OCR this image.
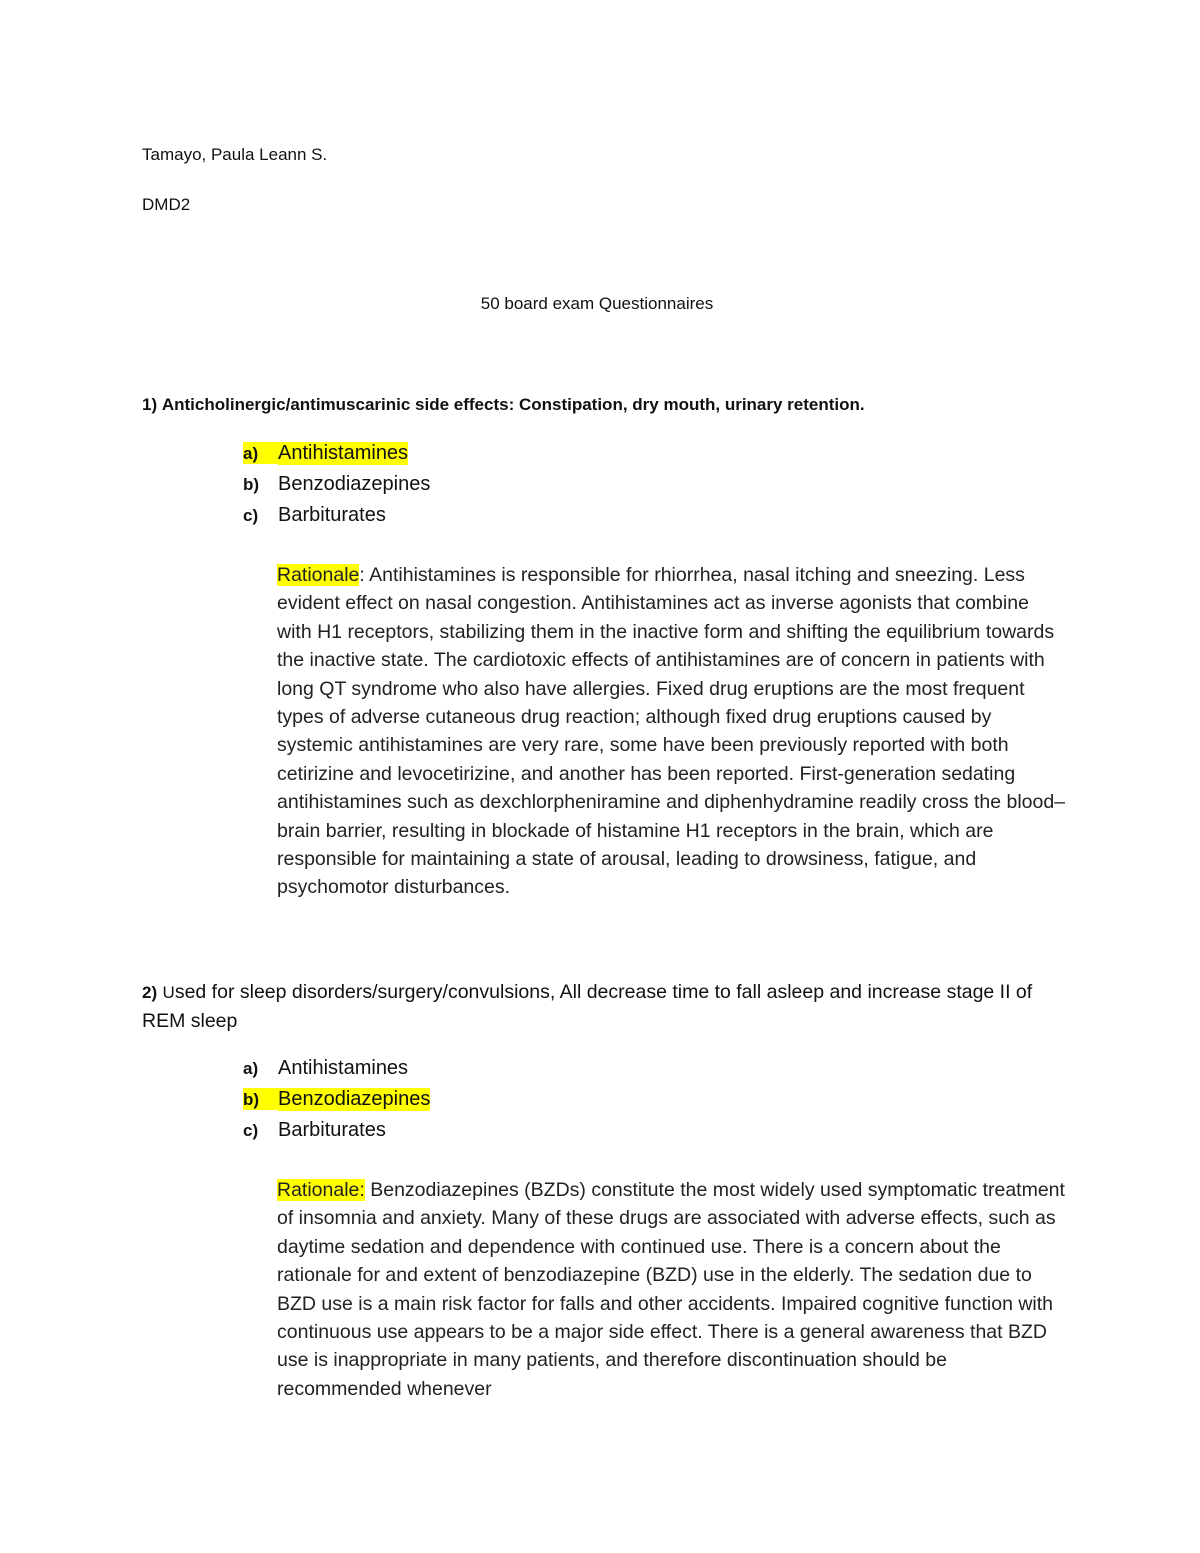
Tamayo, Paula Leann S.
DMD2
50 board exam Questionnaires
1) Anticholinergic/antimuscarinic side effects: Constipation, dry mouth, urinary retention.
a) Antihistamines
b) Benzodiazepines
c) Barbiturates
Rationale: Antihistamines is responsible for rhiorrhea, nasal itching and sneezing. Less evident effect on nasal congestion. Antihistamines act as inverse agonists that combine with H1 receptors, stabilizing them in the inactive form and shifting the equilibrium towards the inactive state. The cardiotoxic effects of antihistamines are of concern in patients with long QT syndrome who also have allergies. Fixed drug eruptions are the most frequent types of adverse cutaneous drug reaction; although fixed drug eruptions caused by systemic antihistamines are very rare, some have been previously reported with both cetirizine and levocetirizine, and another has been reported. First-generation sedating antihistamines such as dexchlorpheniramine and diphenhydramine readily cross the blood–brain barrier, resulting in blockade of histamine H1 receptors in the brain, which are responsible for maintaining a state of arousal, leading to drowsiness, fatigue, and psychomotor disturbances.
2) Used for sleep disorders/surgery/convulsions, All decrease time to fall asleep and increase stage II of REM sleep
a) Antihistamines
b) Benzodiazepines
c) Barbiturates
Rationale: Benzodiazepines (BZDs) constitute the most widely used symptomatic treatment of insomnia and anxiety. Many of these drugs are associated with adverse effects, such as daytime sedation and dependence with continued use. There is a concern about the rationale for and extent of benzodiazepine (BZD) use in the elderly. The sedation due to BZD use is a main risk factor for falls and other accidents. Impaired cognitive function with continuous use appears to be a major side effect. There is a general awareness that BZD use is inappropriate in many patients, and therefore discontinuation should be recommended whenever
